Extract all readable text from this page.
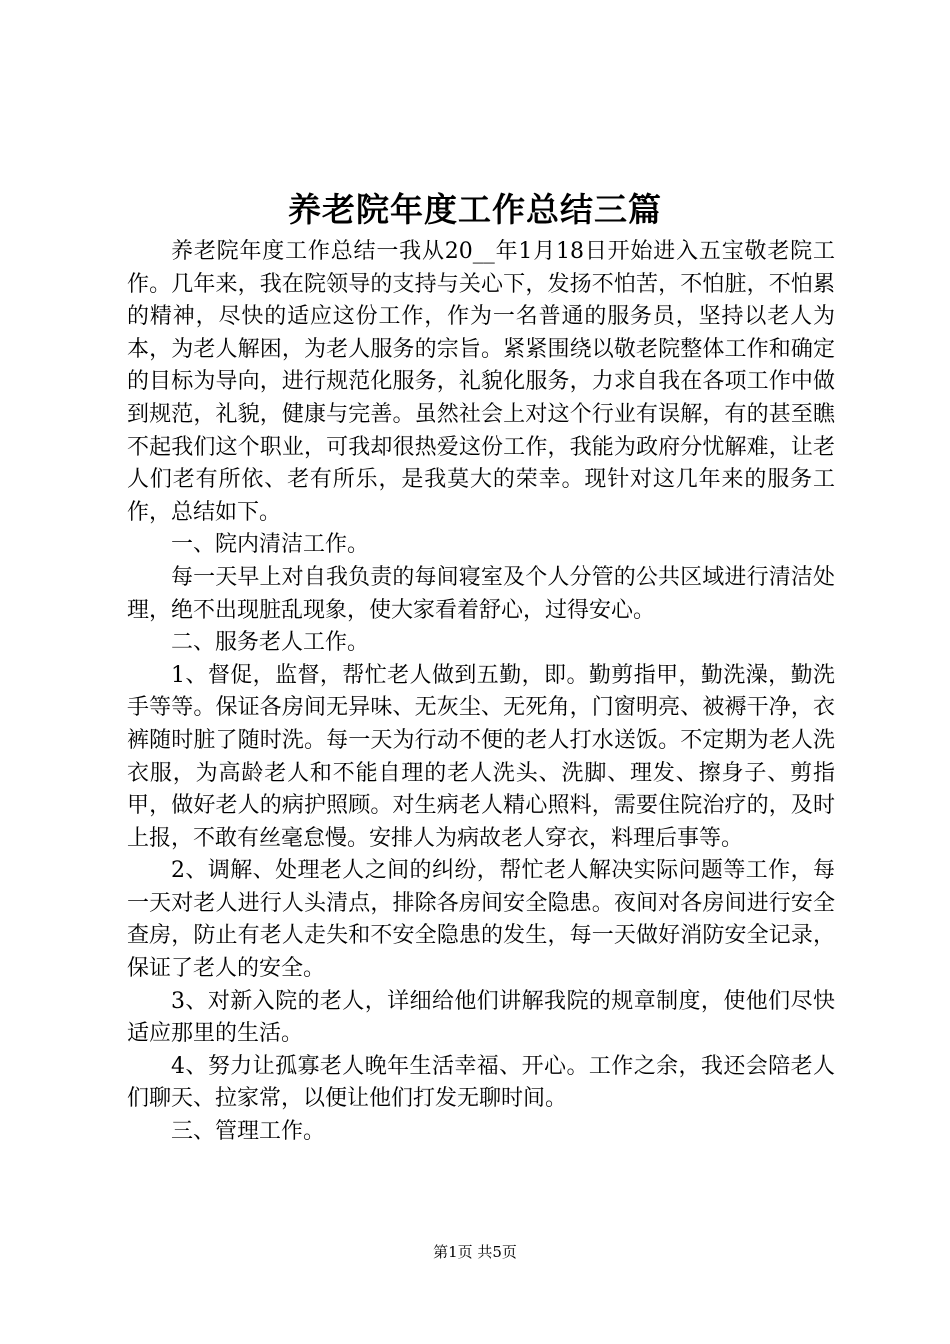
养老院年度工作总结三篇

养老院年度工作总结一我从20__年1月18日开始进入五宝敬老院工作。几年来，我在院领导的支持与关心下，发扬不怕苦，不怕脏，不怕累的精神，尽快的适应这份工作，作为一名普通的服务员，坚持以老人为本，为老人解困，为老人服务的宗旨。紧紧围绕以敬老院整体工作和确定的目标为导向，进行规范化服务，礼貌化服务，力求自我在各项工作中做到规范，礼貌，健康与完善。虽然社会上对这个行业有误解，有的甚至瞧不起我们这个职业，可我却很热爱这份工作，我能为政府分忧解难，让老人们老有所依、老有所乐，是我莫大的荣幸。现针对这几年来的服务工作，总结如下。

一、院内清洁工作。

每一天早上对自我负责的每间寝室及个人分管的公共区域进行清洁处理，绝不出现脏乱现象，使大家看着舒心，过得安心。

二、服务老人工作。

1、督促，监督，帮忙老人做到五勤，即。勤剪指甲，勤洗澡，勤洗手等等。保证各房间无异味、无灰尘、无死角，门窗明亮、被褥干净，衣裤随时脏了随时洗。每一天为行动不便的老人打水送饭。不定期为老人洗衣服，为高龄老人和不能自理的老人洗头、洗脚、理发、擦身子、剪指甲，做好老人的病护照顾。对生病老人精心照料，需要住院治疗的，及时上报，不敢有丝毫怠慢。安排人为病故老人穿衣，料理后事等。

2、调解、处理老人之间的纠纷，帮忙老人解决实际问题等工作，每一天对老人进行人头清点，排除各房间安全隐患。夜间对各房间进行安全查房，防止有老人走失和不安全隐患的发生，每一天做好消防安全记录，保证了老人的安全。

3、对新入院的老人，详细给他们讲解我院的规章制度，使他们尽快适应那里的生活。

4、努力让孤寡老人晚年生活幸福、开心。工作之余，我还会陪老人们聊天、拉家常，以便让他们打发无聊时间。

三、管理工作。

第1页 共5页
